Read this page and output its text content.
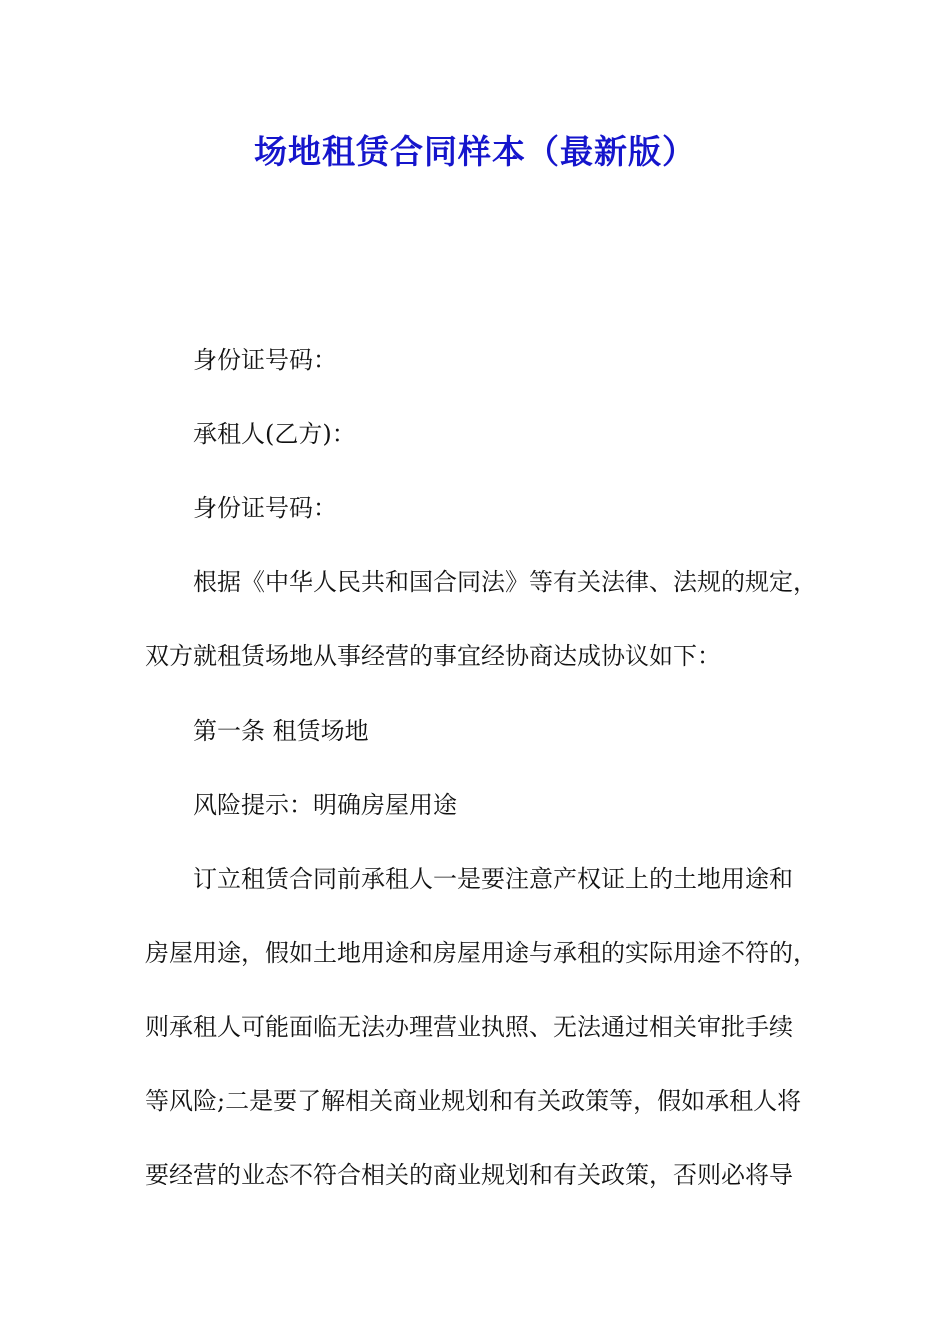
场地租赁合同样本（最新版）
身份证号码：
承租人(乙方)：
身份证号码：
根据《中华人民共和国合同法》等有关法律、法规的规定，
双方就租赁场地从事经营的事宜经协商达成协议如下：
第一条 租赁场地
风险提示：明确房屋用途
订立租赁合同前承租人一是要注意产权证上的土地用途和
房屋用途，假如土地用途和房屋用途与承租的实际用途不符的，
则承租人可能面临无法办理营业执照、无法通过相关审批手续
等风险;二是要了解相关商业规划和有关政策等，假如承租人将
要经营的业态不符合相关的商业规划和有关政策，否则必将导
